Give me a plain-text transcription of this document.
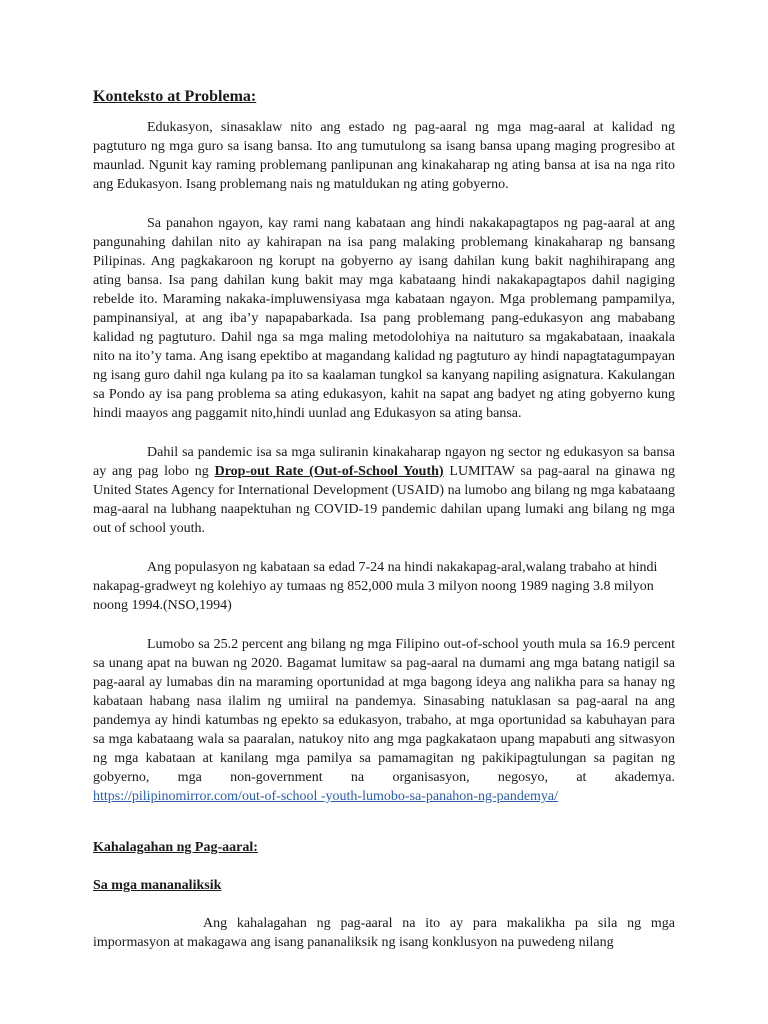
Konteksto at Problema:

Edukasyon, sinasaklaw nito ang estado ng pag-aaral ng mga mag-aaral at kalidad ng pagtuturo ng mga guro sa isang bansa. Ito ang tumutulong sa isang bansa upang maging progresibo at maunlad. Ngunit kay raming problemang panlipunan ang kinakaharap ng ating bansa at isa na nga rito ang Edukasyon. Isang problemang nais ng matuldukan ng ating gobyerno.

Sa panahon ngayon, kay rami nang kabataan ang hindi nakakapagtapos ng pag-aaral at ang pangunahing dahilan nito ay kahirapan na isa pang malaking problemang kinakaharap ng bansang Pilipinas. Ang pagkakaroon ng korupt na gobyerno ay isang dahilan kung bakit naghihirapang ang ating bansa. Isa pang dahilan kung bakit may mga kabataang hindi nakakapagtapos dahil nagiging rebelde ito. Maraming nakaka-impluwensiyasa mga kabataan ngayon. Mga problemang pampamilya, pampinansiyal, at ang iba’y napapabarkada. Isa pang problemang pang-edukasyon ang mababang kalidad ng pagtuturo. Dahil nga sa mga maling metodolohiya na naituturo sa mgakabataan, inaakala nito na ito’y tama. Ang isang epektibo at magandang kalidad ng pagtuturo ay hindi napagtatagumpayan ng isang guro dahil nga kulang pa ito sa kaalaman tungkol sa kanyang napiling asignatura. Kakulangan sa Pondo ay isa pang problema sa ating edukasyon, kahit na sapat ang badyet ng ating gobyerno kung hindi maayos ang paggamit nito,hindi uunlad ang Edukasyon sa ating bansa.

Dahil sa pandemic isa sa mga suliranin kinakaharap ngayon ng sector ng edukasyon sa bansa ay ang pag lobo ng Drop-out Rate (Out-of-School Youth) LUMITAW sa pag-aaral na ginawa ng United States Agency for International Development (USAID) na lumobo ang bilang ng mga kabataang mag-aaral na lubhang naapektuhan ng COVID-19 pandemic dahilan upang lumaki ang bilang ng mga out of school youth.

Ang populasyon ng kabataan sa edad 7-24 na hindi nakakapag-aral,walang trabaho at hindi nakapag-gradweyt ng kolehiyo ay tumaas ng 852,000 mula 3 milyon noong 1989 naging 3.8 milyon noong 1994.(NSO,1994)

Lumobo sa 25.2 percent ang bilang ng mga Filipino out-of-school youth mula sa 16.9 percent sa unang apat na buwan ng 2020. Bagamat lumitaw sa pag-aaral na dumami ang mga batang natigil sa pag-aaral ay lumabas din na maraming oportunidad at mga bagong ideya ang nalikha para sa hanay ng kabataan habang nasa ilalim ng umiiral na pandemya. Sinasabing natuklasan sa pag-aaral na ang pandemya ay hindi katumbas ng epekto sa edukasyon, trabaho, at mga oportunidad sa kabuhayan para sa mga kabataang wala sa paaralan, natukoy nito ang mga pagkakataon upang mapabuti ang sitwasyon ng mga kabataan at kanilang mga pamilya sa pamamagitan ng pakikipagtulungan sa pagitan ng gobyerno, mga non-government na organisasyon, negosyo, at akademya. https://pilipinomirror.com/out-of-school -youth-lumobo-sa-panahon-ng-pandemya/

Kahalagahan ng Pag-aaral:
Sa mga mananaliksik

Ang kahalagahan ng pag-aaral na ito ay para makalikha pa sila ng mga impormasyon at makagawa ang isang pananaliksik ng isang konklusyon na puwedeng nilang
